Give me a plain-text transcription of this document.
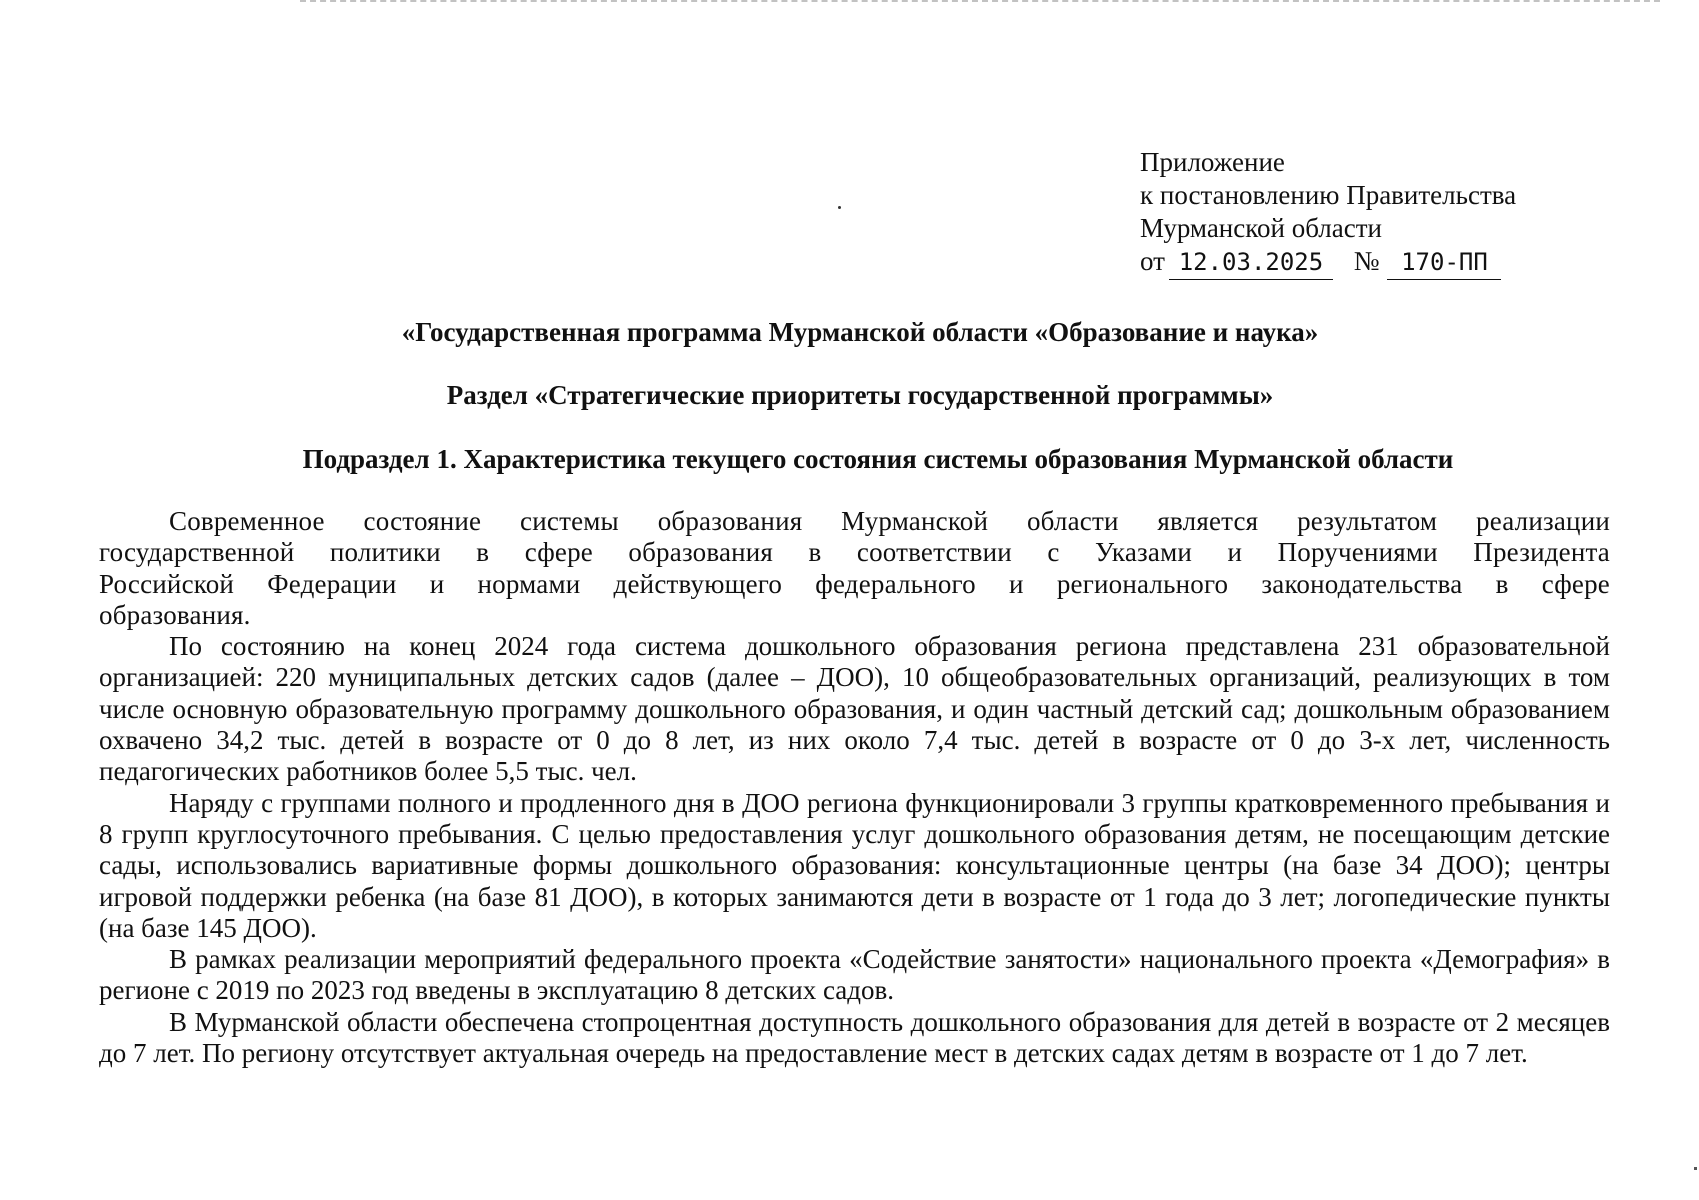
Приложение
к постановлению Правительства
Мурманской области
от 12.03.2025 № 170-ПП
«Государственная программа Мурманской области «Образование и наука»
Раздел «Стратегические приоритеты государственной программы»
Подраздел 1. Характеристика текущего состояния системы образования Мурманской области

Современное состояние системы образования Мурманской области является результатом реализации государственной политики в сфере образования в соответствии с Указами и Поручениями Президента Российской Федерации и нормами действующего федерального и регионального законодательства в сфере образования.

По состоянию на конец 2024 года система дошкольного образования региона представлена 231 образовательной организацией: 220 муниципальных детских садов (далее – ДОО), 10 общеобразовательных организаций, реализующих в том числе основную образовательную программу дошкольного образования, и один частный детский сад; дошкольным образованием охвачено 34,2 тыс. детей в возрасте от 0 до 8 лет, из них около 7,4 тыс. детей в возрасте от 0 до 3-х лет, численность педагогических работников более 5,5 тыс. чел.

Наряду с группами полного и продленного дня в ДОО региона функционировали 3 группы кратковременного пребывания и 8 групп круглосуточного пребывания. С целью предоставления услуг дошкольного образования детям, не посещающим детские сады, использовались вариативные формы дошкольного образования: консультационные центры (на базе 34 ДОО); центры игровой поддержки ребенка (на базе 81 ДОО), в которых занимаются дети в возрасте от 1 года до 3 лет; логопедические пункты (на базе 145 ДОО).

В рамках реализации мероприятий федерального проекта «Содействие занятости» национального проекта «Демография» в регионе с 2019 по 2023 год введены в эксплуатацию 8 детских садов.

В Мурманской области обеспечена стопроцентная доступность дошкольного образования для детей в возрасте от 2 месяцев до 7 лет. По региону отсутствует актуальная очередь на предоставление мест в детских садах детям в возрасте от 1 до 7 лет.
